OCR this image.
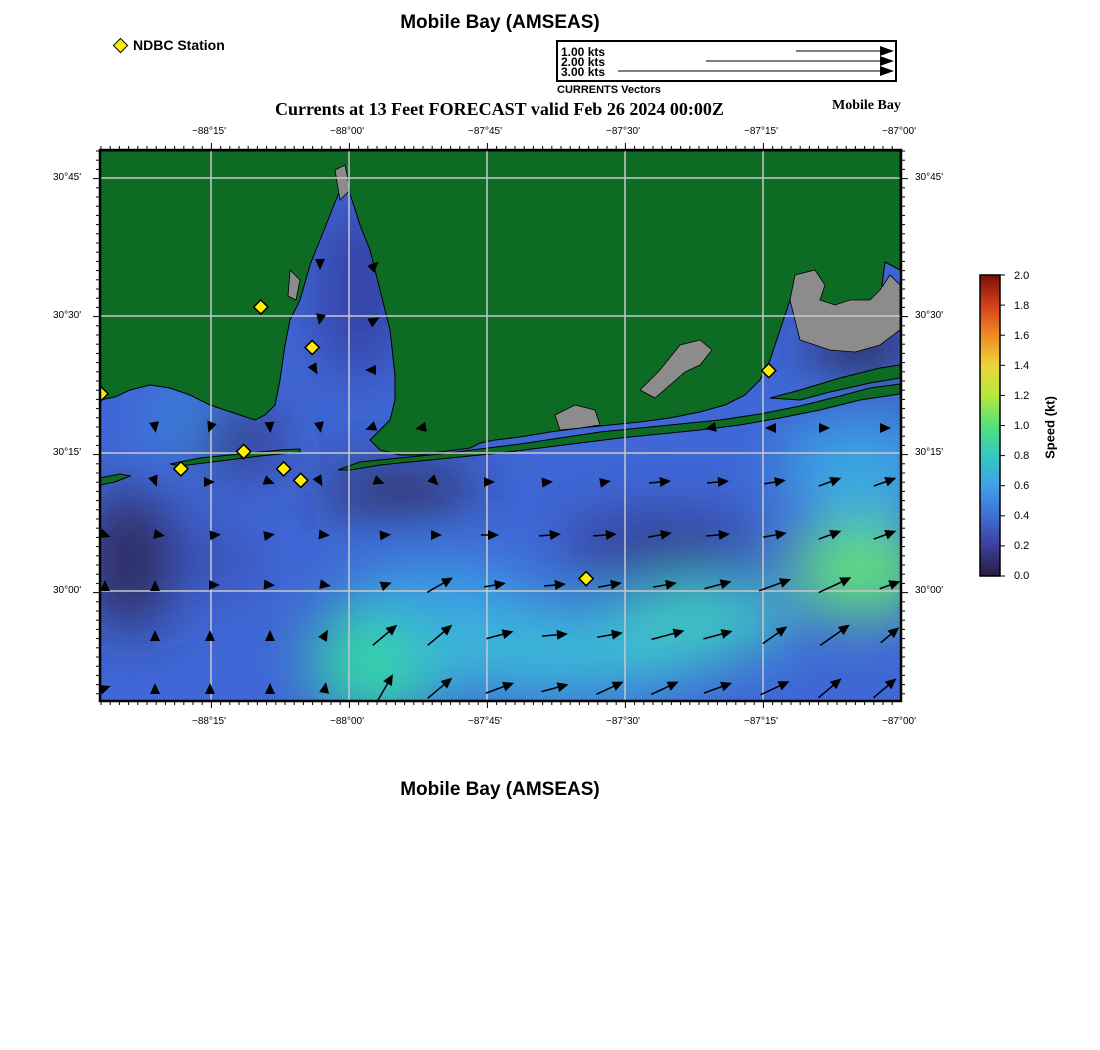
Mobile Bay (AMSEAS)
NDBC Station	1.00 kts
2.00 kts
3.00 kts
CURRENTS Vectors
Currents at 13 Feet FORECAST valid Feb 26 2024 00:00Z	Mobile Bay
−88°15'	−88°00'	−87°45'	−87°30'	−87°15'	−87°00'
−88°15'	−88°00'	−87°45'	−87°30'	−87°15'	−87°00'
30°45'
30°30'
30°15'
30°00'
30°45'
30°30'
30°15'
30°00'
2.0
1.8
1.6
1.4
1.2
1.0
0.8
0.6
0.4
0.2
0.0
Speed (kt)
Mobile Bay (AMSEAS)
